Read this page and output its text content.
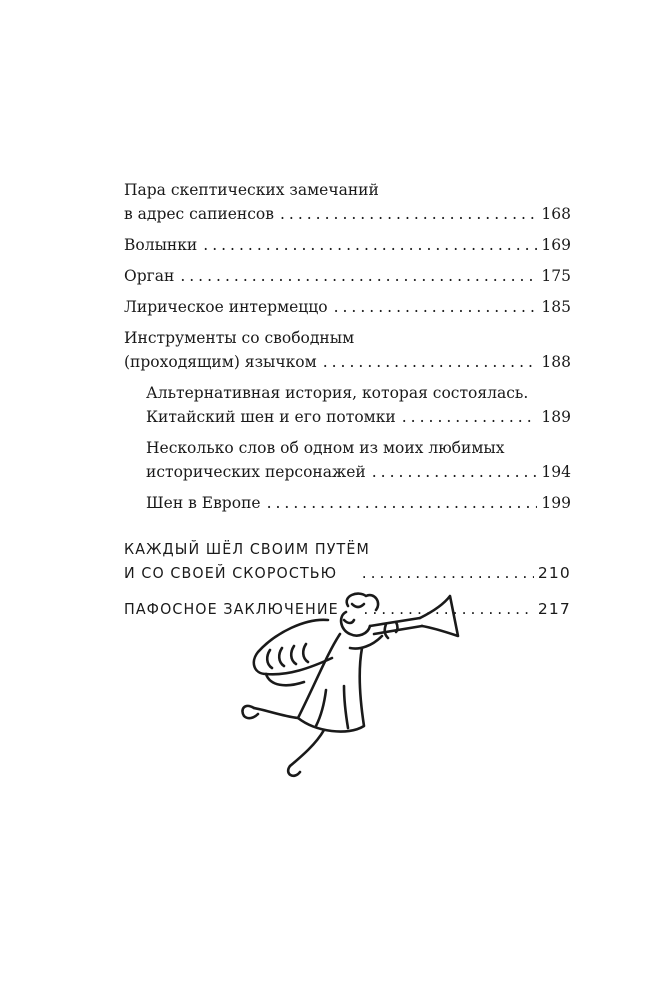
Пара скептических замечаний
в адрес сапиенсов .....	168
Волынки .....	169
Орган .....	175
Лирическое интермеццо .....	185
Инструменты со свободным
(проходящим) язычком .....	188
Альтернативная история, которая состоялась.
Китайский шен и его потомки .....	189
Несколько слов об одном из моих любимых
исторических персонажей .....	194
Шен в Европе .....	199
КАЖДЫЙ ШЁЛ СВОИМ ПУТЁМ
И СО СВОЕЙ СКОРОСТЬЮ .....	210
ПАФОСНОЕ ЗАКЛЮЧЕНИЕ .....	217
